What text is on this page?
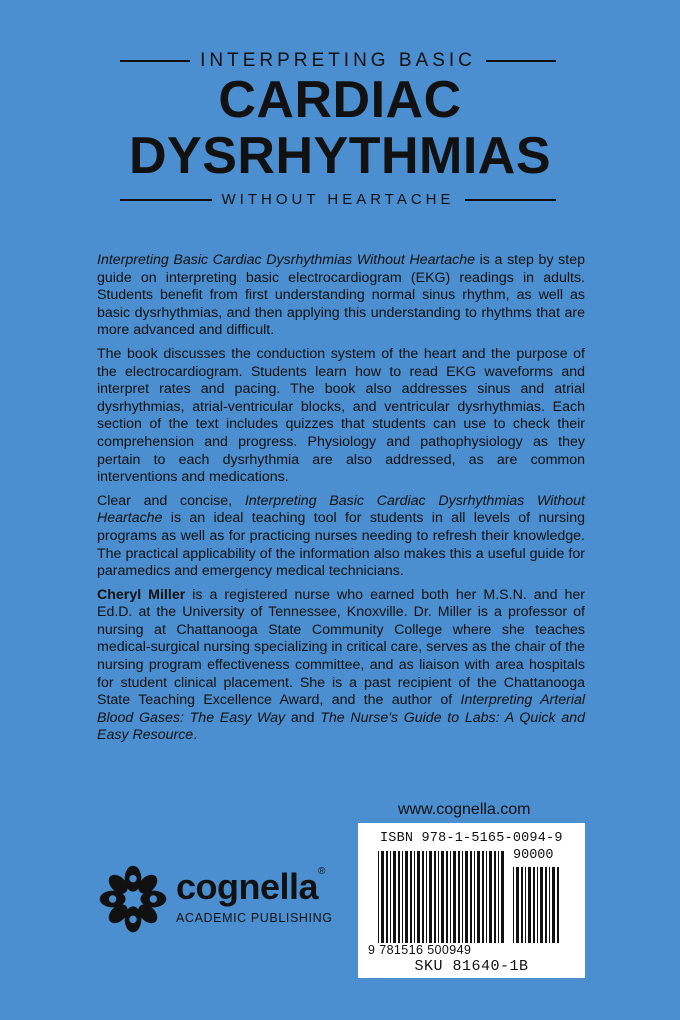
INTERPRETING BASIC
CARDIAC
DYSRHYTHMIAS
WITHOUT HEARTACHE

Interpreting Basic Cardiac Dysrhythmias Without Heartache is a step by step guide on interpreting basic electrocardiogram (EKG) readings in adults. Students benefit from first understanding normal sinus rhythm, as well as basic dysrhythmias, and then applying this understanding to rhythms that are more advanced and difficult.

The book discusses the conduction system of the heart and the purpose of the electrocardiogram. Students learn how to read EKG waveforms and interpret rates and pacing. The book also addresses sinus and atrial dysrhythmias, atrial-ventricular blocks, and ventricular dysrhythmias. Each section of the text includes quizzes that students can use to check their comprehension and progress. Physiology and pathophysiology as they pertain to each dysrhythmia are also addressed, as are common interventions and medications.

Clear and concise, Interpreting Basic Cardiac Dysrhythmias Without Heartache is an ideal teaching tool for students in all levels of nursing programs as well as for practicing nurses needing to refresh their knowledge. The practical applicability of the information also makes this a useful guide for paramedics and emergency medical technicians.

Cheryl Miller is a registered nurse who earned both her M.S.N. and her Ed.D. at the University of Tennessee, Knoxville. Dr. Miller is a professor of nursing at Chattanooga State Community College where she teaches medical-surgical nursing specializing in critical care, serves as the chair of the nursing program effectiveness committee, and as liaison with area hospitals for student clinical placement. She is a past recipient of the Chattanooga State Teaching Excellence Award, and the author of Interpreting Arterial Blood Gases: The Easy Way and The Nurse's Guide to Labs: A Quick and Easy Resource.

www.cognella.com
ISBN 978-1-5165-0094-9
90000
9 781516 500949
SKU 81640-1B
cognella®
ACADEMIC PUBLISHING
